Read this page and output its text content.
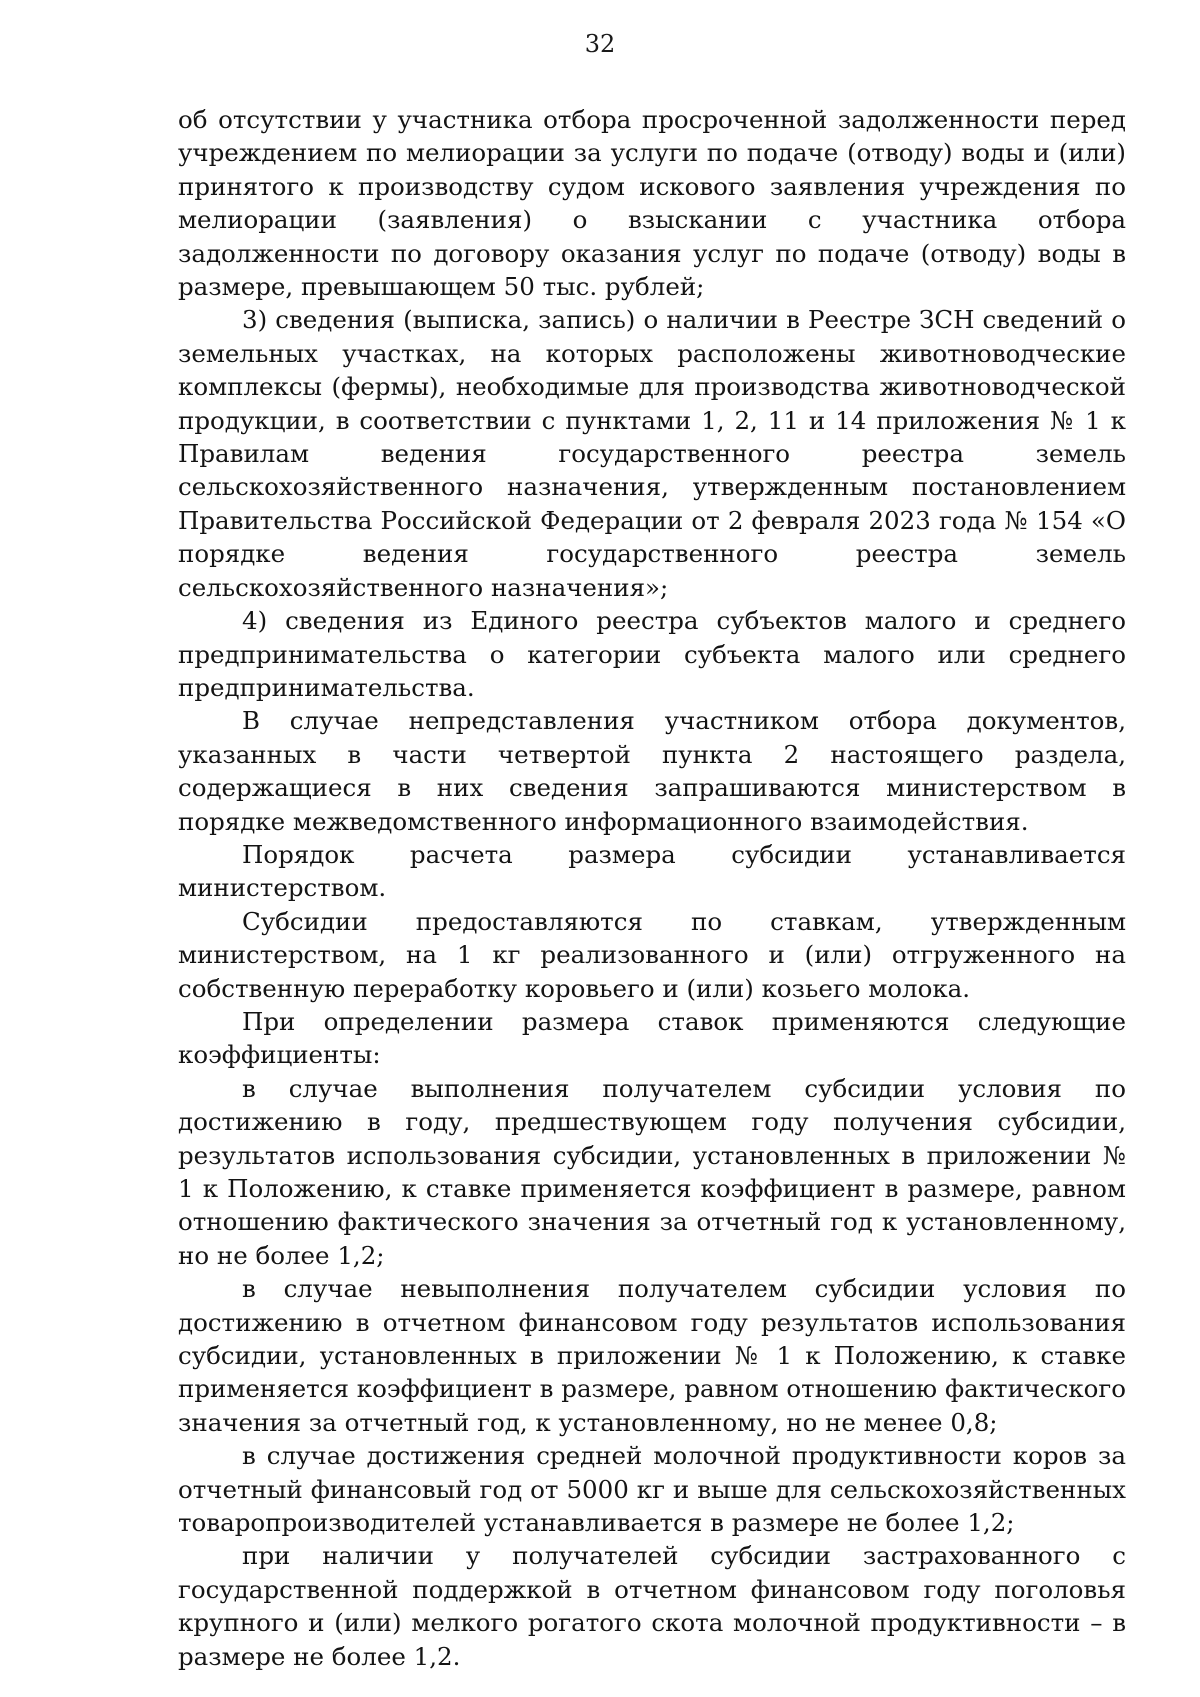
32

об отсутствии у участника отбора просроченной задолженности перед учреждением по мелиорации за услуги по подаче (отводу) воды и (или) принятого к производству судом искового заявления учреждения по мелиорации (заявления) о взыскании с участника отбора задолженности по договору оказания услуг по подаче (отводу) воды в размере, превышающем 50 тыс. рублей;

3) сведения (выписка, запись) о наличии в Реестре ЗСН сведений о земельных участках, на которых расположены животноводческие комплексы (фермы), необходимые для производства животноводческой продукции, в соответствии с пунктами 1, 2, 11 и 14 приложения № 1 к Правилам ведения государственного реестра земель сельскохозяйственного назначения, утвержденным постановлением Правительства Российской Федерации от 2 февраля 2023 года № 154 «О порядке ведения государственного реестра земель сельскохозяйственного назначения»;

4) сведения из Единого реестра субъектов малого и среднего предпринимательства о категории субъекта малого или среднего предпринимательства.

В случае непредставления участником отбора документов, указанных в части четвертой пункта 2 настоящего раздела, содержащиеся в них сведения запрашиваются министерством в порядке межведомственного информационного взаимодействия.

Порядок расчета размера субсидии устанавливается министерством.

Субсидии предоставляются по ставкам, утвержденным министерством, на 1 кг реализованного и (или) отгруженного на собственную переработку коровьего и (или) козьего молока.

При определении размера ставок применяются следующие коэффициенты:

в случае выполнения получателем субсидии условия по достижению в году, предшествующем году получения субсидии, результатов использования субсидии, установленных в приложении № 1 к Положению, к ставке применяется коэффициент в размере, равном отношению фактического значения за отчетный год к установленному, но не более 1,2;

в случае невыполнения получателем субсидии условия по достижению в отчетном финансовом году результатов использования субсидии, установленных в приложении № 1 к Положению, к ставке применяется коэффициент в размере, равном отношению фактического значения за отчетный год, к установленному, но не менее 0,8;

в случае достижения средней молочной продуктивности коров за отчетный финансовый год от 5000 кг и выше для сельскохозяйственных товаропроизводителей устанавливается в размере не более 1,2;

при наличии у получателей субсидии застрахованного с государственной поддержкой в отчетном финансовом году поголовья крупного и (или) мелкого рогатого скота молочной продуктивности – в размере не более 1,2.
